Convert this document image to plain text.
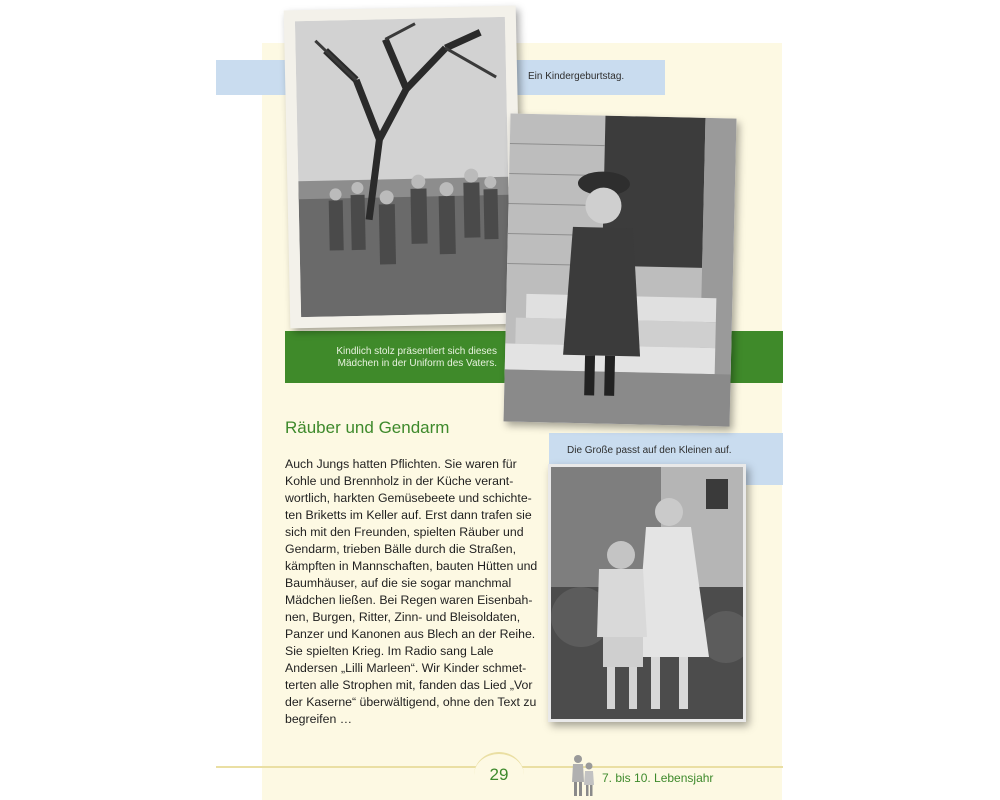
Ein Kindergeburtstag.
Kindlich stolz präsentiert sich dieses Mädchen in der Uniform des Vaters.
Die Große passt auf den Kleinen auf.
Räuber und Gendarm

Auch Jungs hatten Pflichten. Sie waren für Kohle und Brennholz in der Küche verant-wortlich, harkten Gemüsebeete und schichte-ten Briketts im Keller auf. Erst dann trafen sie sich mit den Freunden, spielten Räuber und Gendarm, trieben Bälle durch die Straßen, kämpften in Mannschaften, bauten Hütten und Baumhäuser, auf die sie sogar manchmal Mädchen ließen. Bei Regen waren Eisenbah-nen, Burgen, Ritter, Zinn- und Bleisoldaten, Panzer und Kanonen aus Blech an der Reihe. Sie spielten Krieg. Im Radio sang Lale Andersen „Lilli Marleen“. Wir Kinder schmet-terten alle Strophen mit, fanden das Lied „Vor der Kaserne“ überwältigend, ohne den Text zu begreifen …

29	7. bis 10. Lebensjahr
